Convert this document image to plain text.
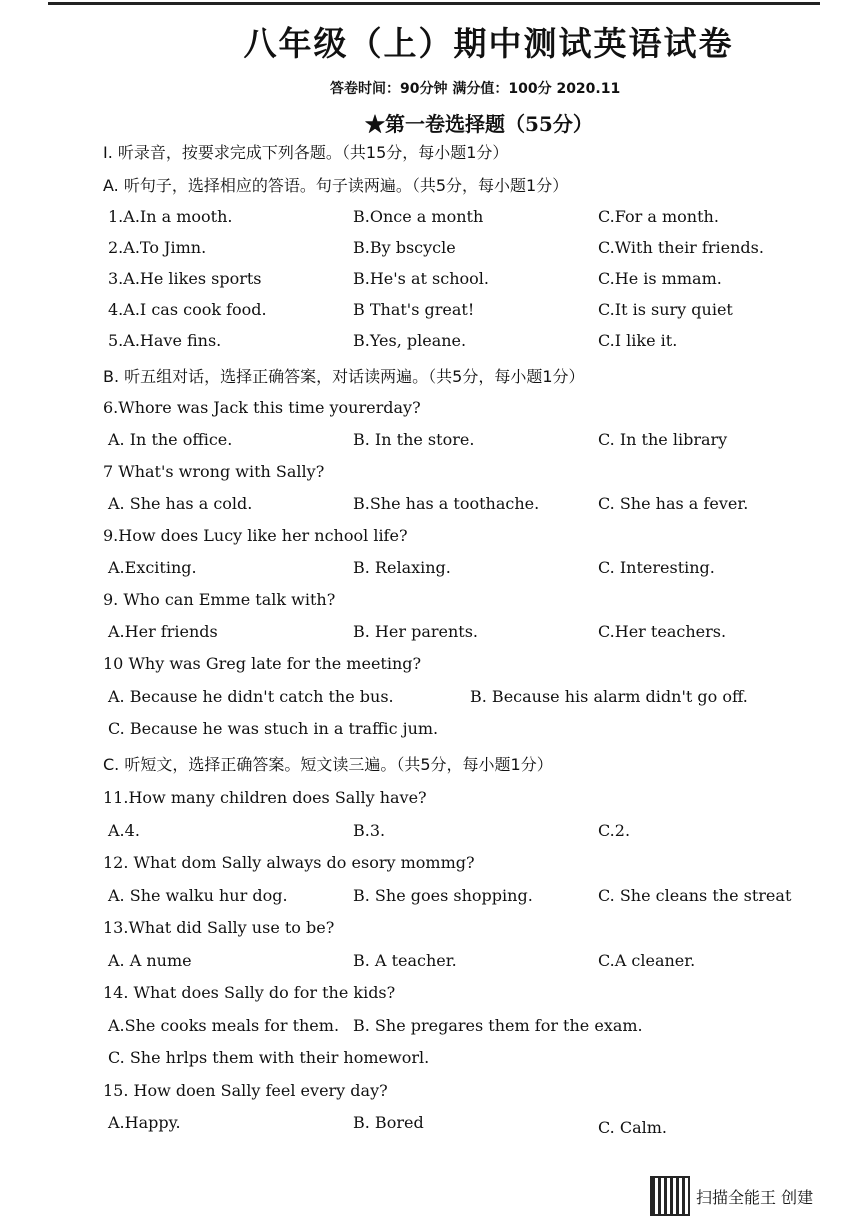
八年级（上）期中测试英语试卷
答卷时间：90分钟 满分值：100分 2020.11
★第一卷选择题（55分）
I. 听录音，按要求完成下列各题。（共15分，每小题1分）
A. 听句子，选择相应的答语。句子读两遍。（共5分，每小题1分）
1.A.In a mooth.	B.Once a month	C.For a month.
2.A.To Jimn.	B.By bscycle	C.With their friends.
3.A.He likes sports	B.He's at school.	C.He is mmam.
4.A.I cas cook food.	B That's great!	C.It is sury quiet
5.A.Have fins.	B.Yes, pleane.	C.I like it.
B. 听五组对话，选择正确答案，对话读两遍。（共5分，每小题1分）
6.Whore was Jack this time yourerday?
A. In the office.	B. In the store.	C. In the library
7 What's wrong with Sally?
A. She has a cold.	B.She has a toothache.	C. She has a fever.
9.How does Lucy like her nchool life?
A.Exciting.	B. Relaxing.	C. Interesting.
9. Who can Emme talk with?
A.Her friends	B. Her parents.	C.Her teachers.
10 Why was Greg late for the meeting?
A. Because he didn't catch the bus.	B. Because his alarm didn't go off.
C. Because he was stuch in a traffic jum.
C. 听短文，选择正确答案。短文读三遍。（共5分，每小题1分）
11.How many children does Sally have?
A.4.	B.3.	C.2.
12. What dom Sally always do esory mommg?
A. She walku hur dog.	B. She goes shopping.	C. She cleans the streat
13.What did Sally use to be?
A. A nume	B. A teacher.	C.A cleaner.
14. What does Sally do for the kids?
A.She cooks meals for them. B. She pregares them for the exam.
C. She hrlps them with their homeworl.
15. How doen Sally feel every day?
A.Happy.	B. Bored	C. Calm.
扫描全能王 创建
